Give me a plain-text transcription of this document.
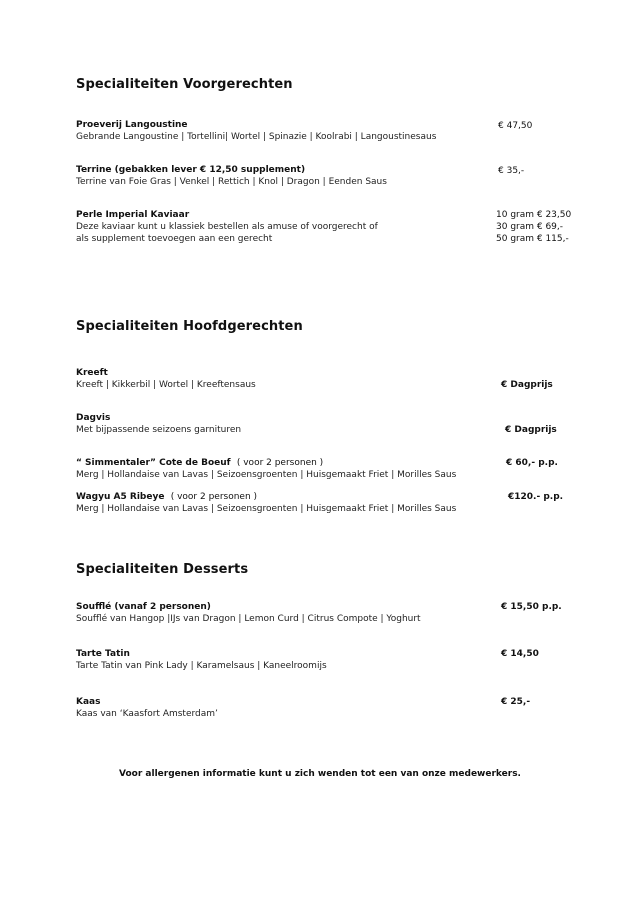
Specialiteiten Voorgerechten
Proeverij Langoustine
Gebrande Langoustine | Tortellini| Wortel | Spinazie | Koolrabi | Langoustinesaus
€ 47,50
Terrine (gebakken lever € 12,50 supplement)
Terrine van Foie Gras | Venkel | Rettich | Knol | Dragon | Eenden Saus
€ 35,-
Perle Imperial Kaviaar
Deze kaviaar kunt u klassiek bestellen als amuse of voorgerecht of
als supplement toevoegen aan een gerecht
10 gram € 23,50
30 gram € 69,-
50 gram € 115,-
Specialiteiten Hoofdgerechten
Kreeft
Kreeft | Kikkerbil | Wortel | Kreeftensaus	€ Dagprijs
Dagvis
Met bijpassende seizoens garnituren	€ Dagprijs
“ Simmentaler” Cote de Boeuf ( voor 2 personen )
Merg | Hollandaise van Lavas | Seizoensgroenten | Huisgemaakt Friet | Morilles Saus
€ 60,- p.p.
Wagyu A5 Ribeye ( voor 2 personen )
Merg | Hollandaise van Lavas | Seizoensgroenten | Huisgemaakt Friet | Morilles Saus
€120.- p.p.
Specialiteiten Desserts
Soufflé (vanaf 2 personen)
Soufflé van Hangop |IJs van Dragon | Lemon Curd | Citrus Compote | Yoghurt
€ 15,50 p.p.
Tarte Tatin
Tarte Tatin van Pink Lady | Karamelsaus | Kaneelroomijs
€ 14,50
Kaas
Kaas van ‘Kaasfort Amsterdam’
€ 25,-
Voor allergenen informatie kunt u zich wenden tot een van onze medewerkers.
